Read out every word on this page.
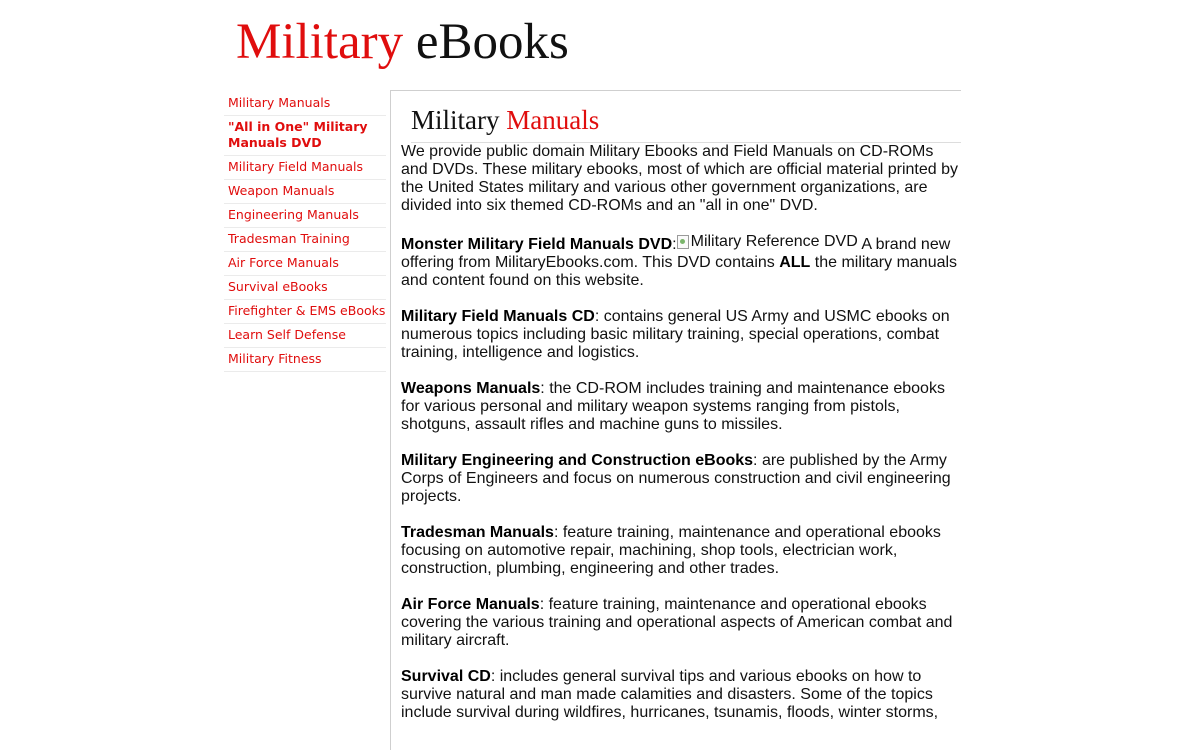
Military eBooks
Military Manuals
"All in One" Military Manuals DVD
Military Field Manuals
Weapon Manuals
Engineering Manuals
Tradesman Training
Air Force Manuals
Survival eBooks
Firefighter & EMS eBooks
Learn Self Defense
Military Fitness
Military Manuals

We provide public domain Military Ebooks and Field Manuals on CD-ROMs and DVDs. These military ebooks, most of which are official material printed by the United States military and various other government organizations, are divided into six themed CD-ROMs and an "all in one" DVD.

Monster Military Field Manuals DVD: Military Reference DVD A brand new offering from MilitaryEbooks.com. This DVD contains ALL the military manuals and content found on this website.

Military Field Manuals CD: contains general US Army and USMC ebooks on numerous topics including basic military training, special operations, combat training, intelligence and logistics.

Weapons Manuals: the CD-ROM includes training and maintenance ebooks for various personal and military weapon systems ranging from pistols, shotguns, assault rifles and machine guns to missiles.

Military Engineering and Construction eBooks: are published by the Army Corps of Engineers and focus on numerous construction and civil engineering projects.

Tradesman Manuals: feature training, maintenance and operational ebooks focusing on automotive repair, machining, shop tools, electrician work, construction, plumbing, engineering and other trades.

Air Force Manuals: feature training, maintenance and operational ebooks covering the various training and operational aspects of American combat and military aircraft.

Survival CD: includes general survival tips and various ebooks on how to survive natural and man made calamities and disasters. Some of the topics include survival during wildfires, hurricanes, tsunamis, floods, winter storms,
